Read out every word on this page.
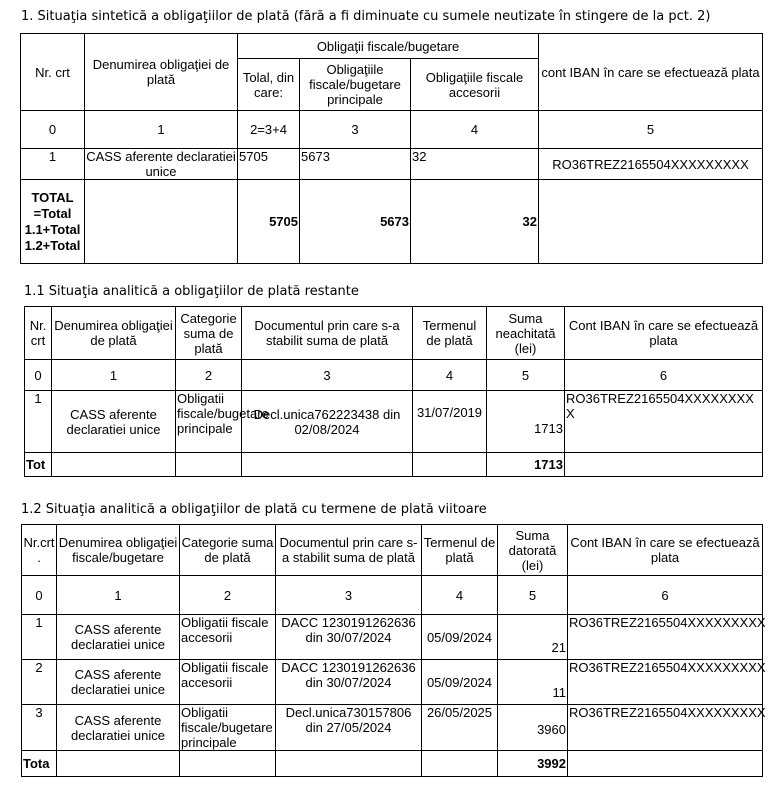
1. Situaţia sintetică a obligaţiilor de plată (fără a fi diminuate cu sumele neutizate în stingere de la pct. 2)
Nr. crt	Denumirea obligaţiei de plată	Obligaţii fiscale/bugetare			cont IBAN în care se efectuează plata
		Tolal, din care:	Obligaţiile fiscale/bugetare principale	Obligaţiile fiscale accesorii	
0	1	2=3+4	3	4	5
1	CASS aferente declaratiei unice	5705	5673	32	RO36TREZ2165504XXXXXXXXX
TOTAL =Total 1.1+Total 1.2+Total		5705	5673	32	
1.1 Situaţia analitică a obligaţiilor de plată restante
Nr. crt	Denumirea obligaţiei de plată	Categorie suma de plată	Documentul prin care s-a stabilit suma de plată	Termenul de plată	Suma neachitată (lei)	Cont IBAN în care se efectuează plata
0	1	2	3	4	5	6
1	CASS aferente declaratiei unice	Obligatii fiscale/bugetare principale	Decl.unica762223438 din 02/08/2024	31/07/2019	1713	RO36TREZ2165504XXXXXXXXX
Tot					1713	
1.2 Situaţia analitică a obligaţiilor de plată cu termene de plată viitoare
Nr.crt .	Denumirea obligaţiei fiscale/bugetare	Categorie suma de plată	Documentul prin care s-a stabilit suma de plată	Termenul de plată	Suma datorată (lei)	Cont IBAN în care se efectuează plata
0	1	2	3	4	5	6
1	CASS aferente declaratiei unice	Obligatii fiscale accesorii	DACC 1230191262636 din 30/07/2024	05/09/2024	21	RO36TREZ2165504XXXXXXXXX
2	CASS aferente declaratiei unice	Obligatii fiscale accesorii	DACC 1230191262636 din 30/07/2024	05/09/2024	11	RO36TREZ2165504XXXXXXXXX
3	CASS aferente declaratiei unice	Obligatii fiscale/bugetare principale	Decl.unica730157806 din 27/05/2024	26/05/2025	3960	RO36TREZ2165504XXXXXXXXX
Tota					3992	
